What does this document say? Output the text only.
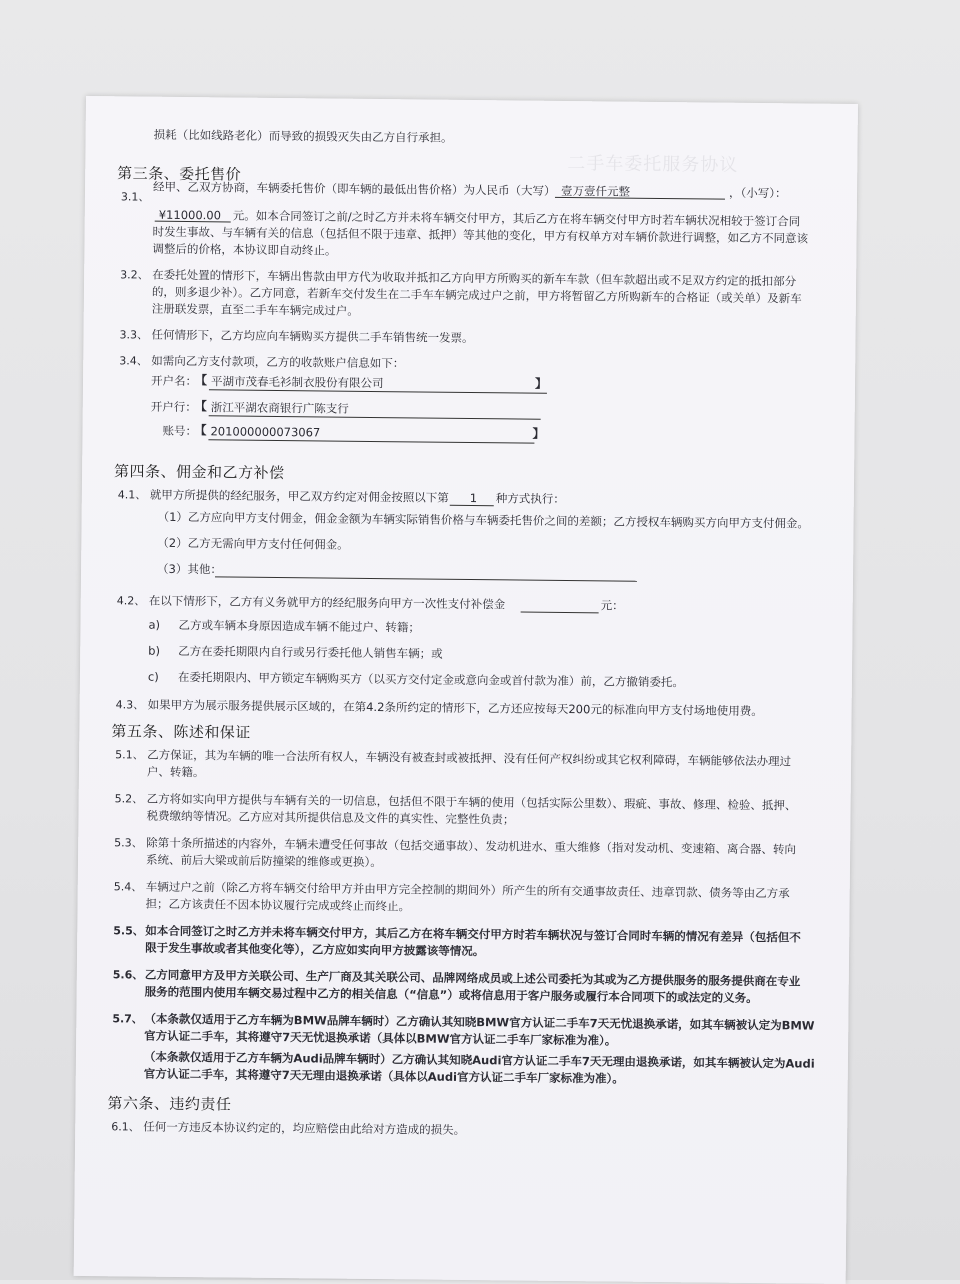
二手车委托服务协议
损耗（比如线路老化）而导致的损毁灭失由乙方自行承担。
第三条、委托售价
3.1、 经甲、乙双方协商，车辆委托售价（即车辆的最低出售价格）为人民币（大写） 壹万壹仟元整	，（小写）：
¥11000.00 元。如本合同签订之前/之时乙方并未将车辆交付甲方，其后乙方在将车辆交付甲方时若车辆状况相较于签订合同
时发生事故、与车辆有关的信息（包括但不限于违章、抵押）等其他的变化，甲方有权单方对车辆价款进行调整，如乙方不同意该
调整后的价格，本协议即自动终止。
3.2、 在委托处置的情形下，车辆出售款由甲方代为收取并抵扣乙方向甲方所购买的新车车款（但车款超出或不足双方约定的抵扣部分
的，则多退少补）。乙方同意，若新车交付发生在二手车车辆完成过户之前，甲方将暂留乙方所购新车的合格证（或关单）及新车
注册联发票，直至二手车车辆完成过户。
3.3、 任何情形下，乙方均应向车辆购买方提供二手车销售统一发票。
3.4、 如需向乙方支付款项，乙方的收款账户信息如下：
开户名：
【 平湖市茂春毛衫制衣股份有限公司	】
开户行：
【 浙江平湖农商银行广陈支行
账号：
【 201000000073067	】
第四条、佣金和乙方补偿
4.1、 就甲方所提供的经纪服务，甲乙双方约定对佣金按照以下第 1 种方式执行：
（1）乙方应向甲方支付佣金，佣金金额为车辆实际销售价格与车辆委托售价之间的差额；乙方授权车辆购买方向甲方支付佣金。
（2）乙方无需向甲方支付任何佣金。
（3）其他：
4.2、 在以下情形下，乙方有义务就甲方的经纪服务向甲方一次性支付补偿金	元：
a) 乙方或车辆本身原因造成车辆不能过户、转籍；
b) 乙方在委托期限内自行或另行委托他人销售车辆；或
c) 在委托期限内、甲方锁定车辆购买方（以买方交付定金或意向金或首付款为准）前，乙方撤销委托。
4.3、 如果甲方为展示服务提供展示区域的，在第4.2条所约定的情形下，乙方还应按每天200元的标准向甲方支付场地使用费。
第五条、陈述和保证
5.1、 乙方保证，其为车辆的唯一合法所有权人，车辆没有被查封或被抵押、没有任何产权纠纷或其它权利障碍，车辆能够依法办理过
户、转籍。
5.2、 乙方将如实向甲方提供与车辆有关的一切信息，包括但不限于车辆的使用（包括实际公里数）、瑕疵、事故、修理、检验、抵押、
税费缴纳等情况。乙方应对其所提供信息及文件的真实性、完整性负责；
5.3、 除第十条所描述的内容外，车辆未遭受任何事故（包括交通事故）、发动机进水、重大维修（指对发动机、变速箱、离合器、转向
系统、前后大梁或前后防撞梁的维修或更换）。
5.4、 车辆过户之前（除乙方将车辆交付给甲方并由甲方完全控制的期间外）所产生的所有交通事故责任、违章罚款、债务等由乙方承
担；乙方该责任不因本协议履行完成或终止而终止。
5.5、 如本合同签订之时乙方并未将车辆交付甲方，其后乙方在将车辆交付甲方时若车辆状况与签订合同时车辆的情况有差异（包括但不
限于发生事故或者其他变化等），乙方应如实向甲方披露该等情况。
5.6、 乙方同意甲方及甲方关联公司、生产厂商及其关联公司、品牌网络成员或上述公司委托为其或为乙方提供服务的服务提供商在专业
服务的范围内使用车辆交易过程中乙方的相关信息（“信息”）或将信息用于客户服务或履行本合同项下的或法定的义务。
5.7、 （本条款仅适用于乙方车辆为BMW品牌车辆时）乙方确认其知晓BMW官方认证二手车7天无忧退换承诺，如其车辆被认定为BMW
官方认证二手车，其将遵守7天无忧退换承诺（具体以BMW官方认证二手车厂家标准为准）。
（本条款仅适用于乙方车辆为Audi品牌车辆时）乙方确认其知晓Audi官方认证二手车7天无理由退换承诺，如其车辆被认定为Audi
官方认证二手车，其将遵守7天无理由退换承诺（具体以Audi官方认证二手车厂家标准为准）。
第六条、违约责任
6.1、 任何一方违反本协议约定的，均应赔偿由此给对方造成的损失。
